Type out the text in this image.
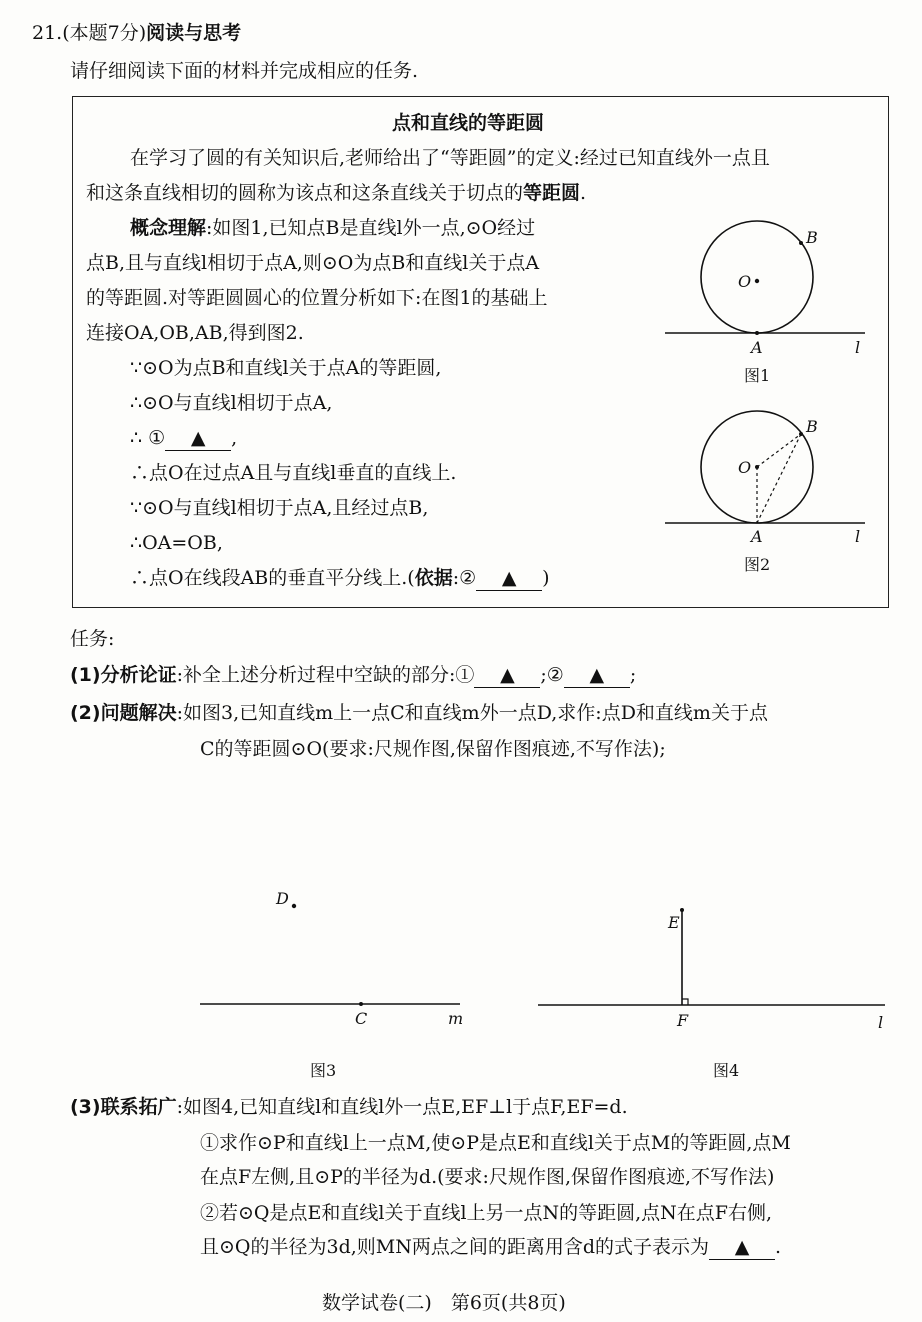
21.(本题7分)阅读与思考
请仔细阅读下面的材料并完成相应的任务.
点和直线的等距圆
在学习了圆的有关知识后,老师给出了“等距圆”的定义:经过已知直线外一点且
和这条直线相切的圆称为该点和这条直线关于切点的等距圆.
概念理解:如图1,已知点B是直线l外一点,⊙O经过
点B,且与直线l相切于点A,则⊙O为点B和直线l关于点A
的等距圆.对等距圆圆心的位置分析如下:在图1的基础上
连接OA,OB,AB,得到图2.
∵⊙O为点B和直线l关于点A的等距圆,
∴⊙O与直线l相切于点A,
∴ ① ▲ ,
∴点O在过点A且与直线l垂直的直线上.
∵⊙O与直线l相切于点A,且经过点B,
∴OA=OB,
∴点O在线段AB的垂直平分线上.(依据:② ▲ )
O
B
A	l
图1
O
B
A	l
图2
任务:
(1)分析论证:补全上述分析过程中空缺的部分:① ▲ ;② ▲ ;
(2)问题解决:如图3,已知直线m上一点C和直线m外一点D,求作:点D和直线m关于点
C的等距圆⊙O(要求:尺规作图,保留作图痕迹,不写作法);
D
C	m
图3
E
F	l
图4
(3)联系拓广:如图4,已知直线l和直线l外一点E,EF⊥l于点F,EF=d.
①求作⊙P和直线l上一点M,使⊙P是点E和直线l关于点M的等距圆,点M
在点F左侧,且⊙P的半径为d.(要求:尺规作图,保留作图痕迹,不写作法)
②若⊙Q是点E和直线l关于直线l上另一点N的等距圆,点N在点F右侧,
且⊙Q的半径为3d,则MN两点之间的距离用含d的式子表示为 ▲ .
数学试卷(二)　第6页(共8页)
